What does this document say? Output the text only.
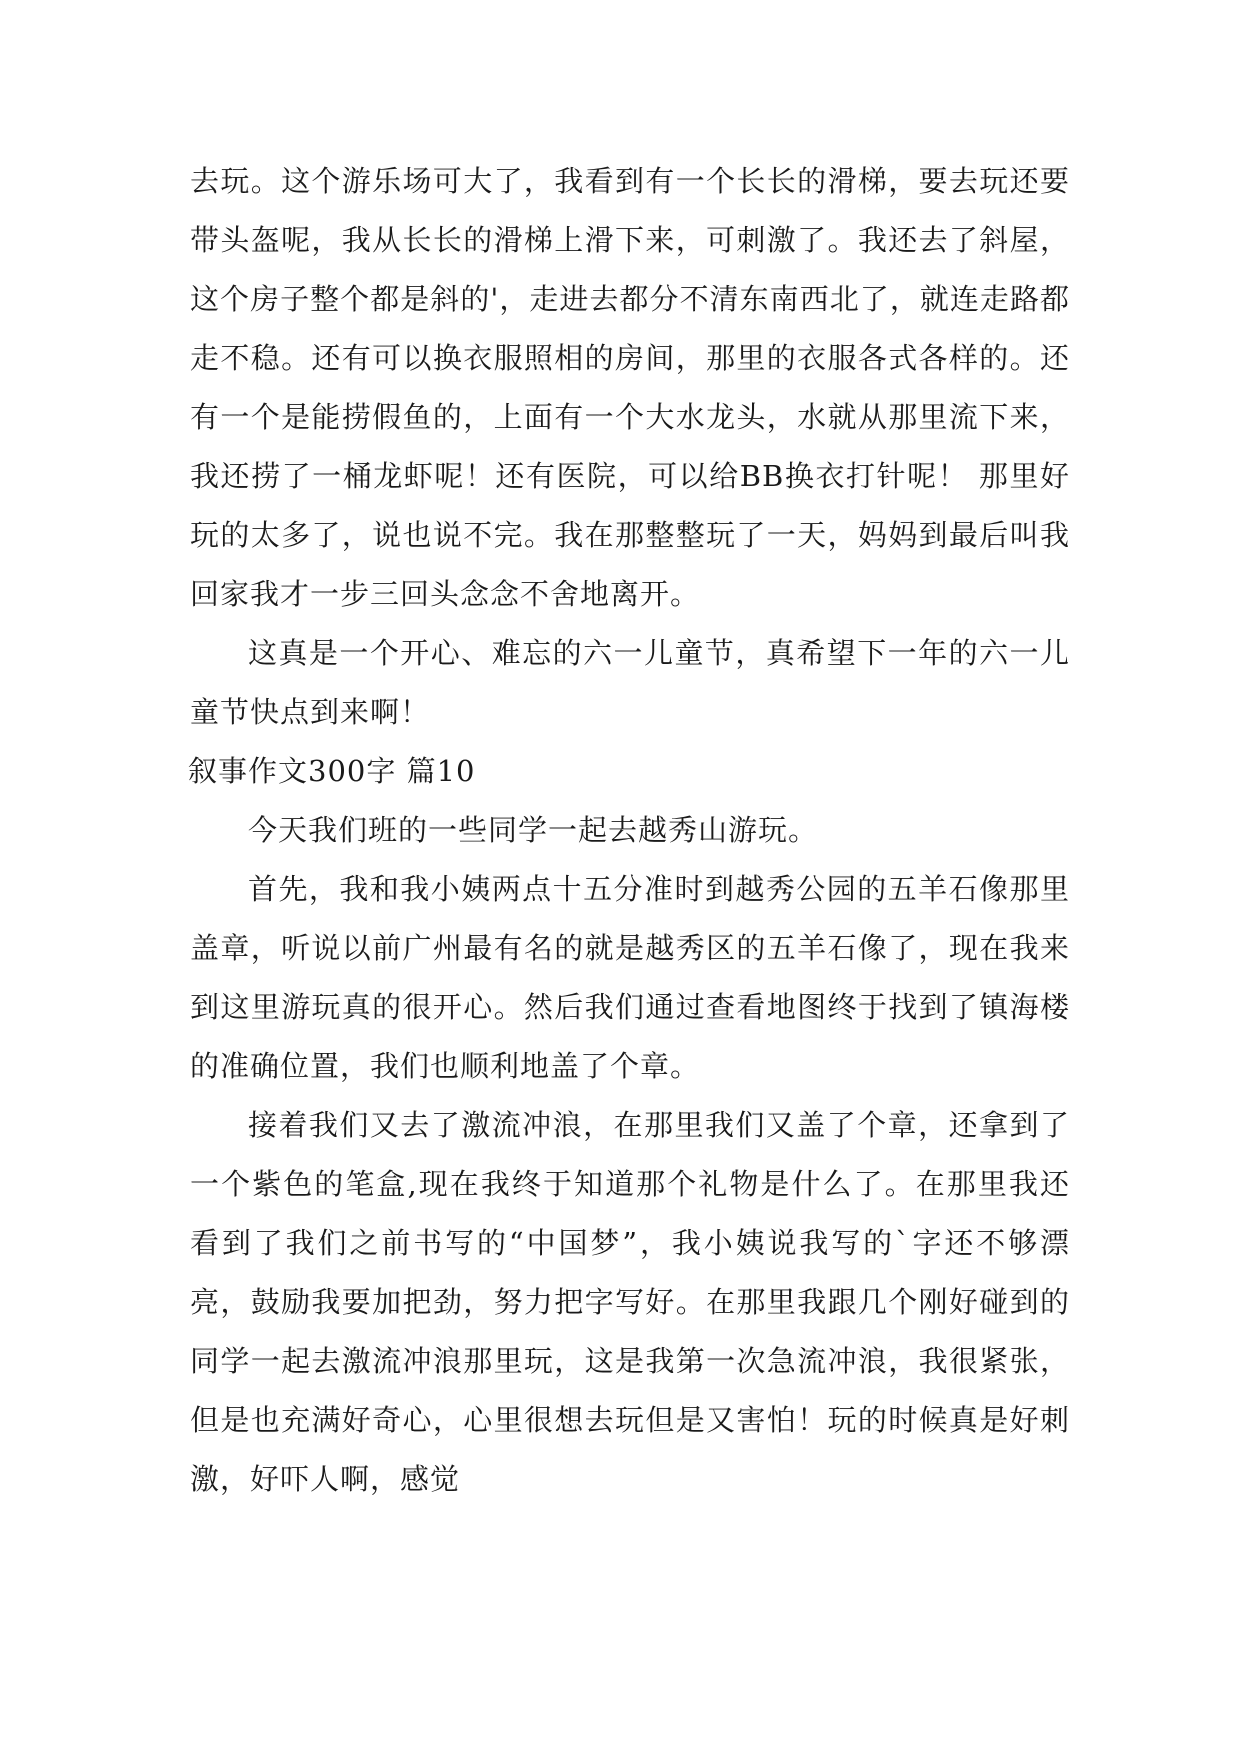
去玩。这个游乐场可大了，我看到有一个长长的滑梯，要去玩还要带头盔呢，我从长长的滑梯上滑下来，可刺激了。我还去了斜屋，这个房子整个都是斜的'，走进去都分不清东南西北了，就连走路都走不稳。还有可以换衣服照相的房间，那里的衣服各式各样的。还有一个是能捞假鱼的，上面有一个大水龙头，水就从那里流下来，我还捞了一桶龙虾呢！还有医院，可以给BB换衣打针呢！ 那里好玩的太多了，说也说不完。我在那整整玩了一天，妈妈到最后叫我回家我才一步三回头念念不舍地离开。

这真是一个开心、难忘的六一儿童节，真希望下一年的六一儿童节快点到来啊！

叙事作文300字 篇10

今天我们班的一些同学一起去越秀山游玩。

首先，我和我小姨两点十五分准时到越秀公园的五羊石像那里盖章，听说以前广州最有名的就是越秀区的五羊石像了，现在我来到这里游玩真的很开心。然后我们通过查看地图终于找到了镇海楼的准确位置，我们也顺利地盖了个章。

接着我们又去了激流冲浪，在那里我们又盖了个章，还拿到了一个紫色的笔盒,现在我终于知道那个礼物是什么了。在那里我还看到了我们之前书写的“中国梦”，我小姨说我写的`字还不够漂亮，鼓励我要加把劲，努力把字写好。在那里我跟几个刚好碰到的同学一起去激流冲浪那里玩，这是我第一次急流冲浪，我很紧张，但是也充满好奇心，心里很想去玩但是又害怕！玩的时候真是好刺激，好吓人啊，感觉
